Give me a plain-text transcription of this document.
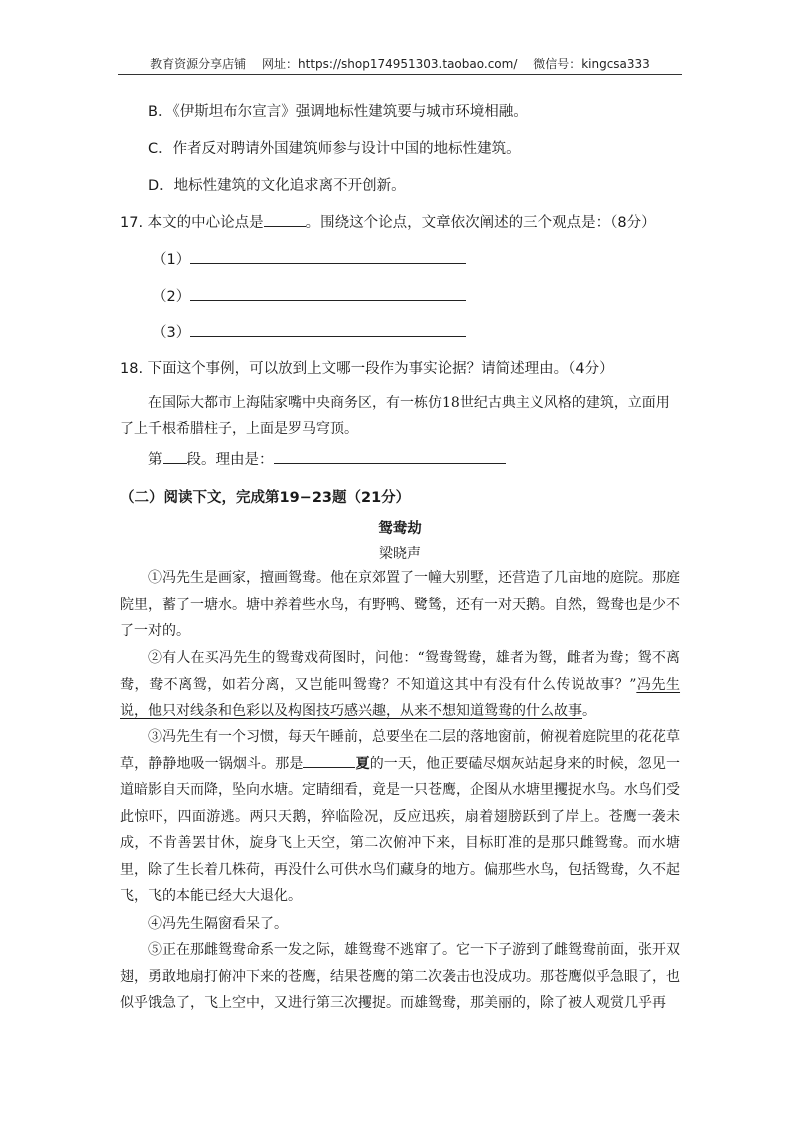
教育资源分享店铺 网址：https://shop174951303.taobao.com/ 微信号：kingcsa333
B．《伊斯坦布尔宣言》强调地标性建筑要与城市环境相融。
C．作者反对聘请外国建筑师参与设计中国的地标性建筑。
D．地标性建筑的文化追求离不开创新。
17. 本文的中心论点是	。围绕这个论点，文章依次阐述的三个观点是：（8分）
（1）
（2）
（3）
18. 下面这个事例，可以放到上文哪一段作为事实论据？请简述理由。（4分）
在国际大都市上海陆家嘴中央商务区，有一栋仿18世纪古典主义风格的建筑，立面用
了上千根希腊柱子，上面是罗马穹顶。
第 段。理由是：
（二）阅读下文，完成第19−23题（21分）
鸳鸯劫
梁晓声

①冯先生是画家，擅画鸳鸯。他在京郊置了一幢大别墅，还营造了几亩地的庭院。那庭院里，蓄了一塘水。塘中养着些水鸟，有野鸭、鹭鸶，还有一对天鹅。自然，鸳鸯也是少不了一对的。

②有人在买冯先生的鸳鸯戏荷图时，问他：“鸳鸯鸳鸯，雄者为鸳，雌者为鸯；鸳不离鸯，鸯不离鸳，如若分离，又岂能叫鸳鸯？不知道这其中有没有什么传说故事？”冯先生说，他只对线条和色彩以及构图技巧感兴趣，从来不想知道鸳鸯的什么故事。

③冯先生有一个习惯，每天午睡前，总要坐在二层的落地窗前，俯视着庭院里的花花草草，静静地吸一锅烟斗。那是	夏的一天，他正要磕尽烟灰站起身来的时候，忽见一道暗影自天而降，坠向水塘。定睛细看，竟是一只苍鹰，企图从水塘里攫捉水鸟。水鸟们受此惊吓，四面游逃。两只天鹅，猝临险况，反应迅疾，扇着翅膀跃到了岸上。苍鹰一袭未成，不肯善罢甘休，旋身飞上天空，第二次俯冲下来，目标盯准的是那只雌鸳鸯。而水塘里，除了生长着几株荷，再没什么可供水鸟们藏身的地方。偏那些水鸟，包括鸳鸯，久不起飞，飞的本能已经大大退化。

④冯先生隔窗看呆了。

⑤正在那雌鸳鸯命系一发之际，雄鸳鸯不逃窜了。它一下子游到了雌鸳鸯前面，张开双翅，勇敢地扇打俯冲下来的苍鹰，结果苍鹰的第二次袭击也没成功。那苍鹰似乎急眼了，也似乎饿急了，飞上空中，又进行第三次攫捉。而雄鸳鸯，那美丽的，除了被人观赏几乎再
